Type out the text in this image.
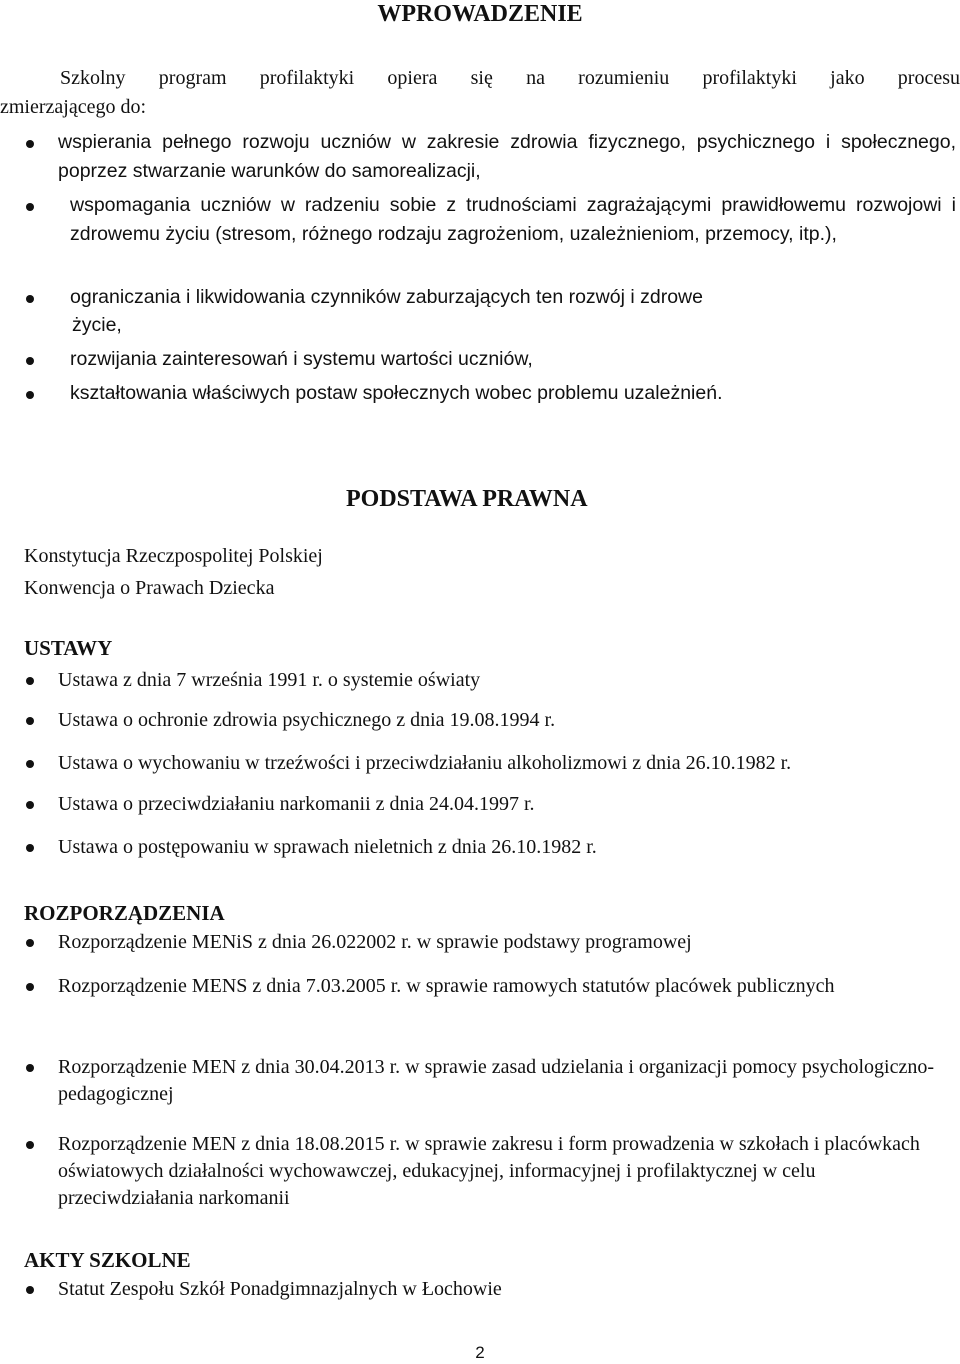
WPROWADZENIE
Szkolny program profilaktyki opiera się na rozumieniu profilaktyki jako procesu
zmierzającego do:
wspierania pełnego rozwoju uczniów w zakresie zdrowia fizycznego, psychicznego i społecznego, poprzez stwarzanie warunków do samorealizacji,
wspomagania uczniów w radzeniu sobie z trudnościami zagrażającymi prawidłowemu rozwojowi i zdrowemu życiu (stresom, różnego rodzaju zagrożeniom, uzależnieniom, przemocy, itp.),
ograniczania i likwidowania czynników zaburzających ten rozwój i zdrowe
życie,
rozwijania zainteresowań i systemu wartości uczniów,
kształtowania właściwych postaw społecznych wobec problemu uzależnień.
PODSTAWA PRAWNA
Konstytucja Rzeczpospolitej Polskiej
Konwencja o Prawach Dziecka
USTAWY
Ustawa z dnia 7 września 1991 r. o systemie oświaty
Ustawa o ochronie zdrowia psychicznego z dnia 19.08.1994 r.
Ustawa o wychowaniu w trzeźwości i przeciwdziałaniu alkoholizmowi z dnia 26.10.1982 r.
Ustawa o przeciwdziałaniu narkomanii z dnia 24.04.1997 r.
Ustawa o postępowaniu w sprawach nieletnich z dnia 26.10.1982 r.
ROZPORZĄDZENIA
Rozporządzenie MENiS z dnia 26.022002 r. w sprawie podstawy programowej
Rozporządzenie MENS z dnia 7.03.2005 r. w sprawie ramowych statutów placówek publicznych
Rozporządzenie MEN z dnia 30.04.2013 r. w sprawie zasad udzielania i organizacji pomocy psychologiczno-pedagogicznej
Rozporządzenie MEN z dnia 18.08.2015 r. w sprawie zakresu i form prowadzenia w szkołach i placówkach oświatowych działalności wychowawczej, edukacyjnej, informacyjnej i profilaktycznej w celu przeciwdziałania narkomanii
AKTY SZKOLNE
Statut Zespołu Szkół Ponadgimnazjalnych w Łochowie
2
